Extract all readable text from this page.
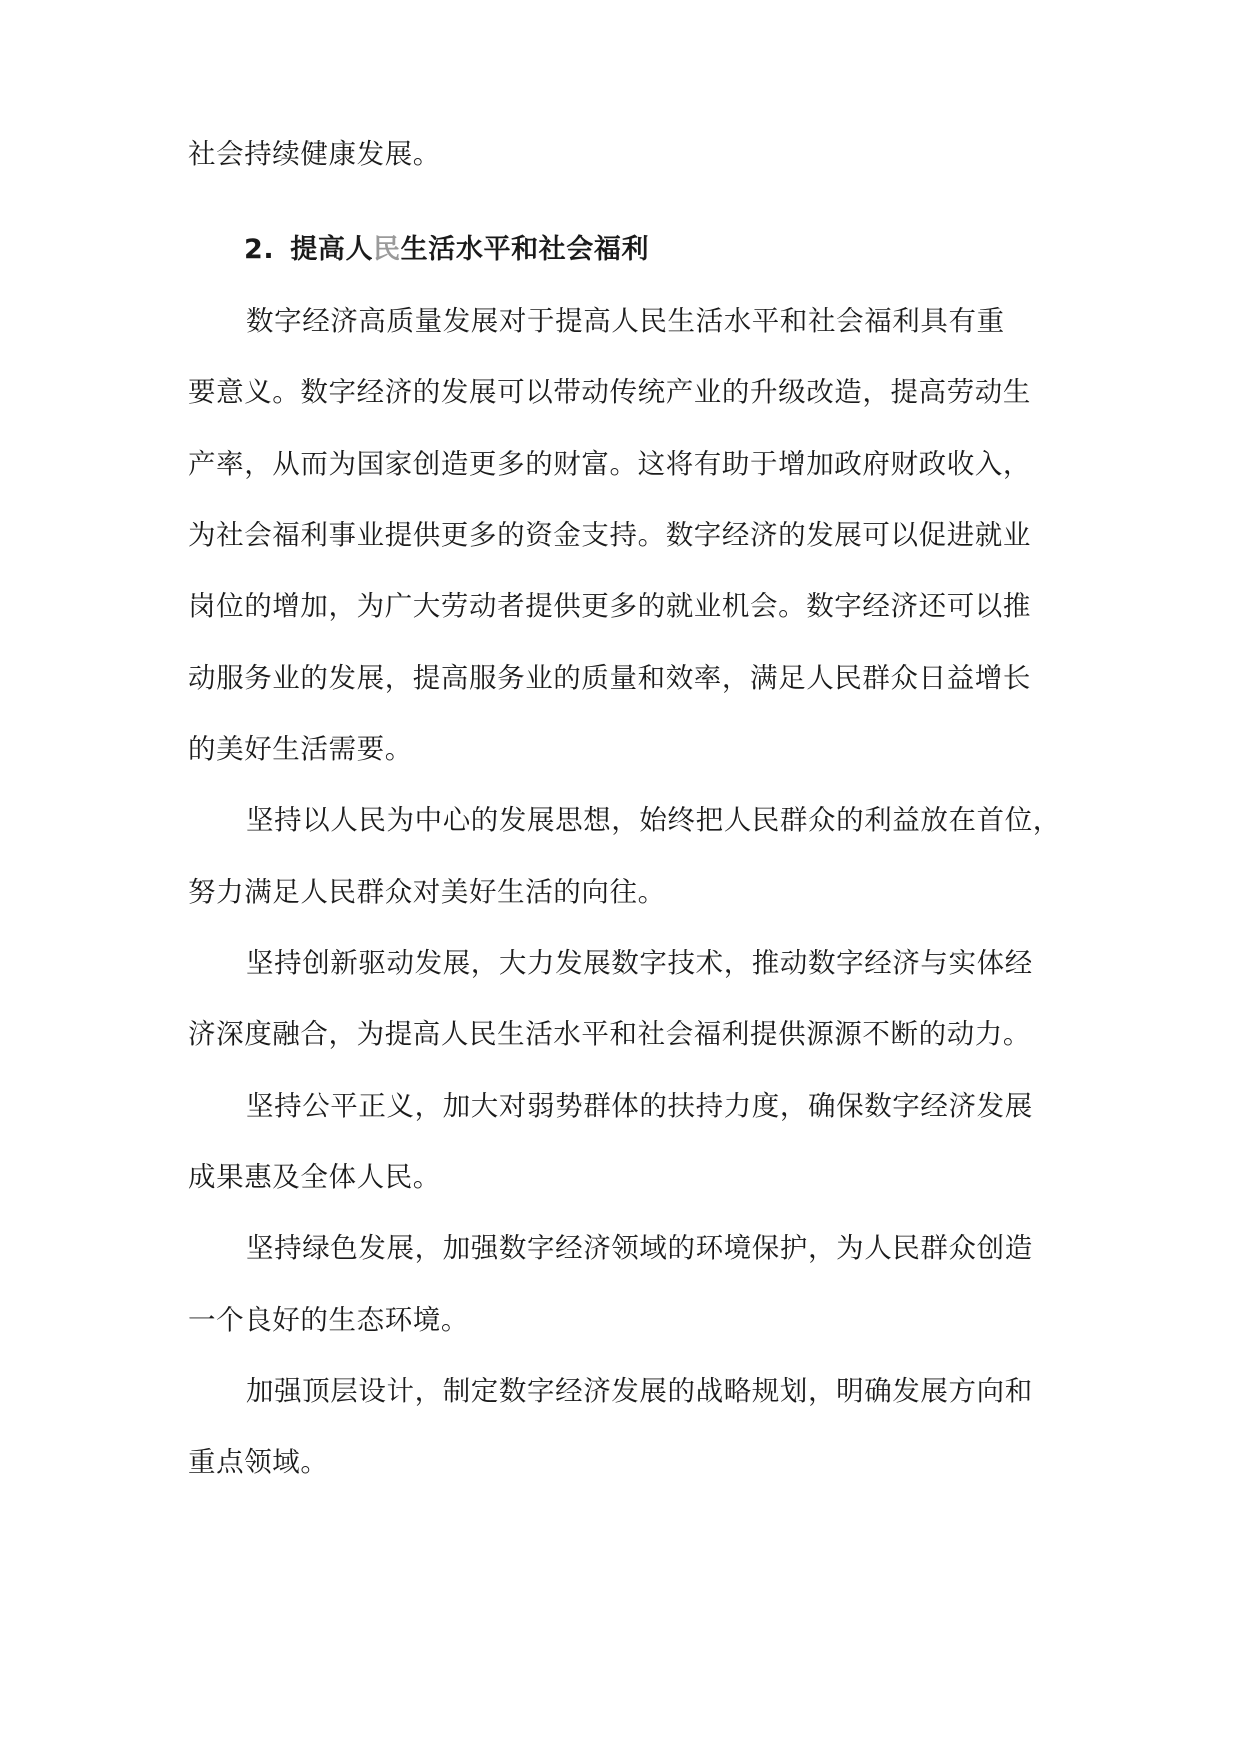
社会持续健康发展。
2. 提高人民生活水平和社会福利
数字经济高质量发展对于提高人民生活水平和社会福利具有重
要意义。数字经济的发展可以带动传统产业的升级改造，提高劳动生
产率，从而为国家创造更多的财富。这将有助于增加政府财政收入，
为社会福利事业提供更多的资金支持。数字经济的发展可以促进就业
岗位的增加，为广大劳动者提供更多的就业机会。数字经济还可以推
动服务业的发展，提高服务业的质量和效率，满足人民群众日益增长
的美好生活需要。
坚持以人民为中心的发展思想，始终把人民群众的利益放在首位，
努力满足人民群众对美好生活的向往。
坚持创新驱动发展，大力发展数字技术，推动数字经济与实体经
济深度融合，为提高人民生活水平和社会福利提供源源不断的动力。
坚持公平正义，加大对弱势群体的扶持力度，确保数字经济发展
成果惠及全体人民。
坚持绿色发展，加强数字经济领域的环境保护，为人民群众创造
一个良好的生态环境。
加强顶层设计，制定数字经济发展的战略规划，明确发展方向和
重点领域。
